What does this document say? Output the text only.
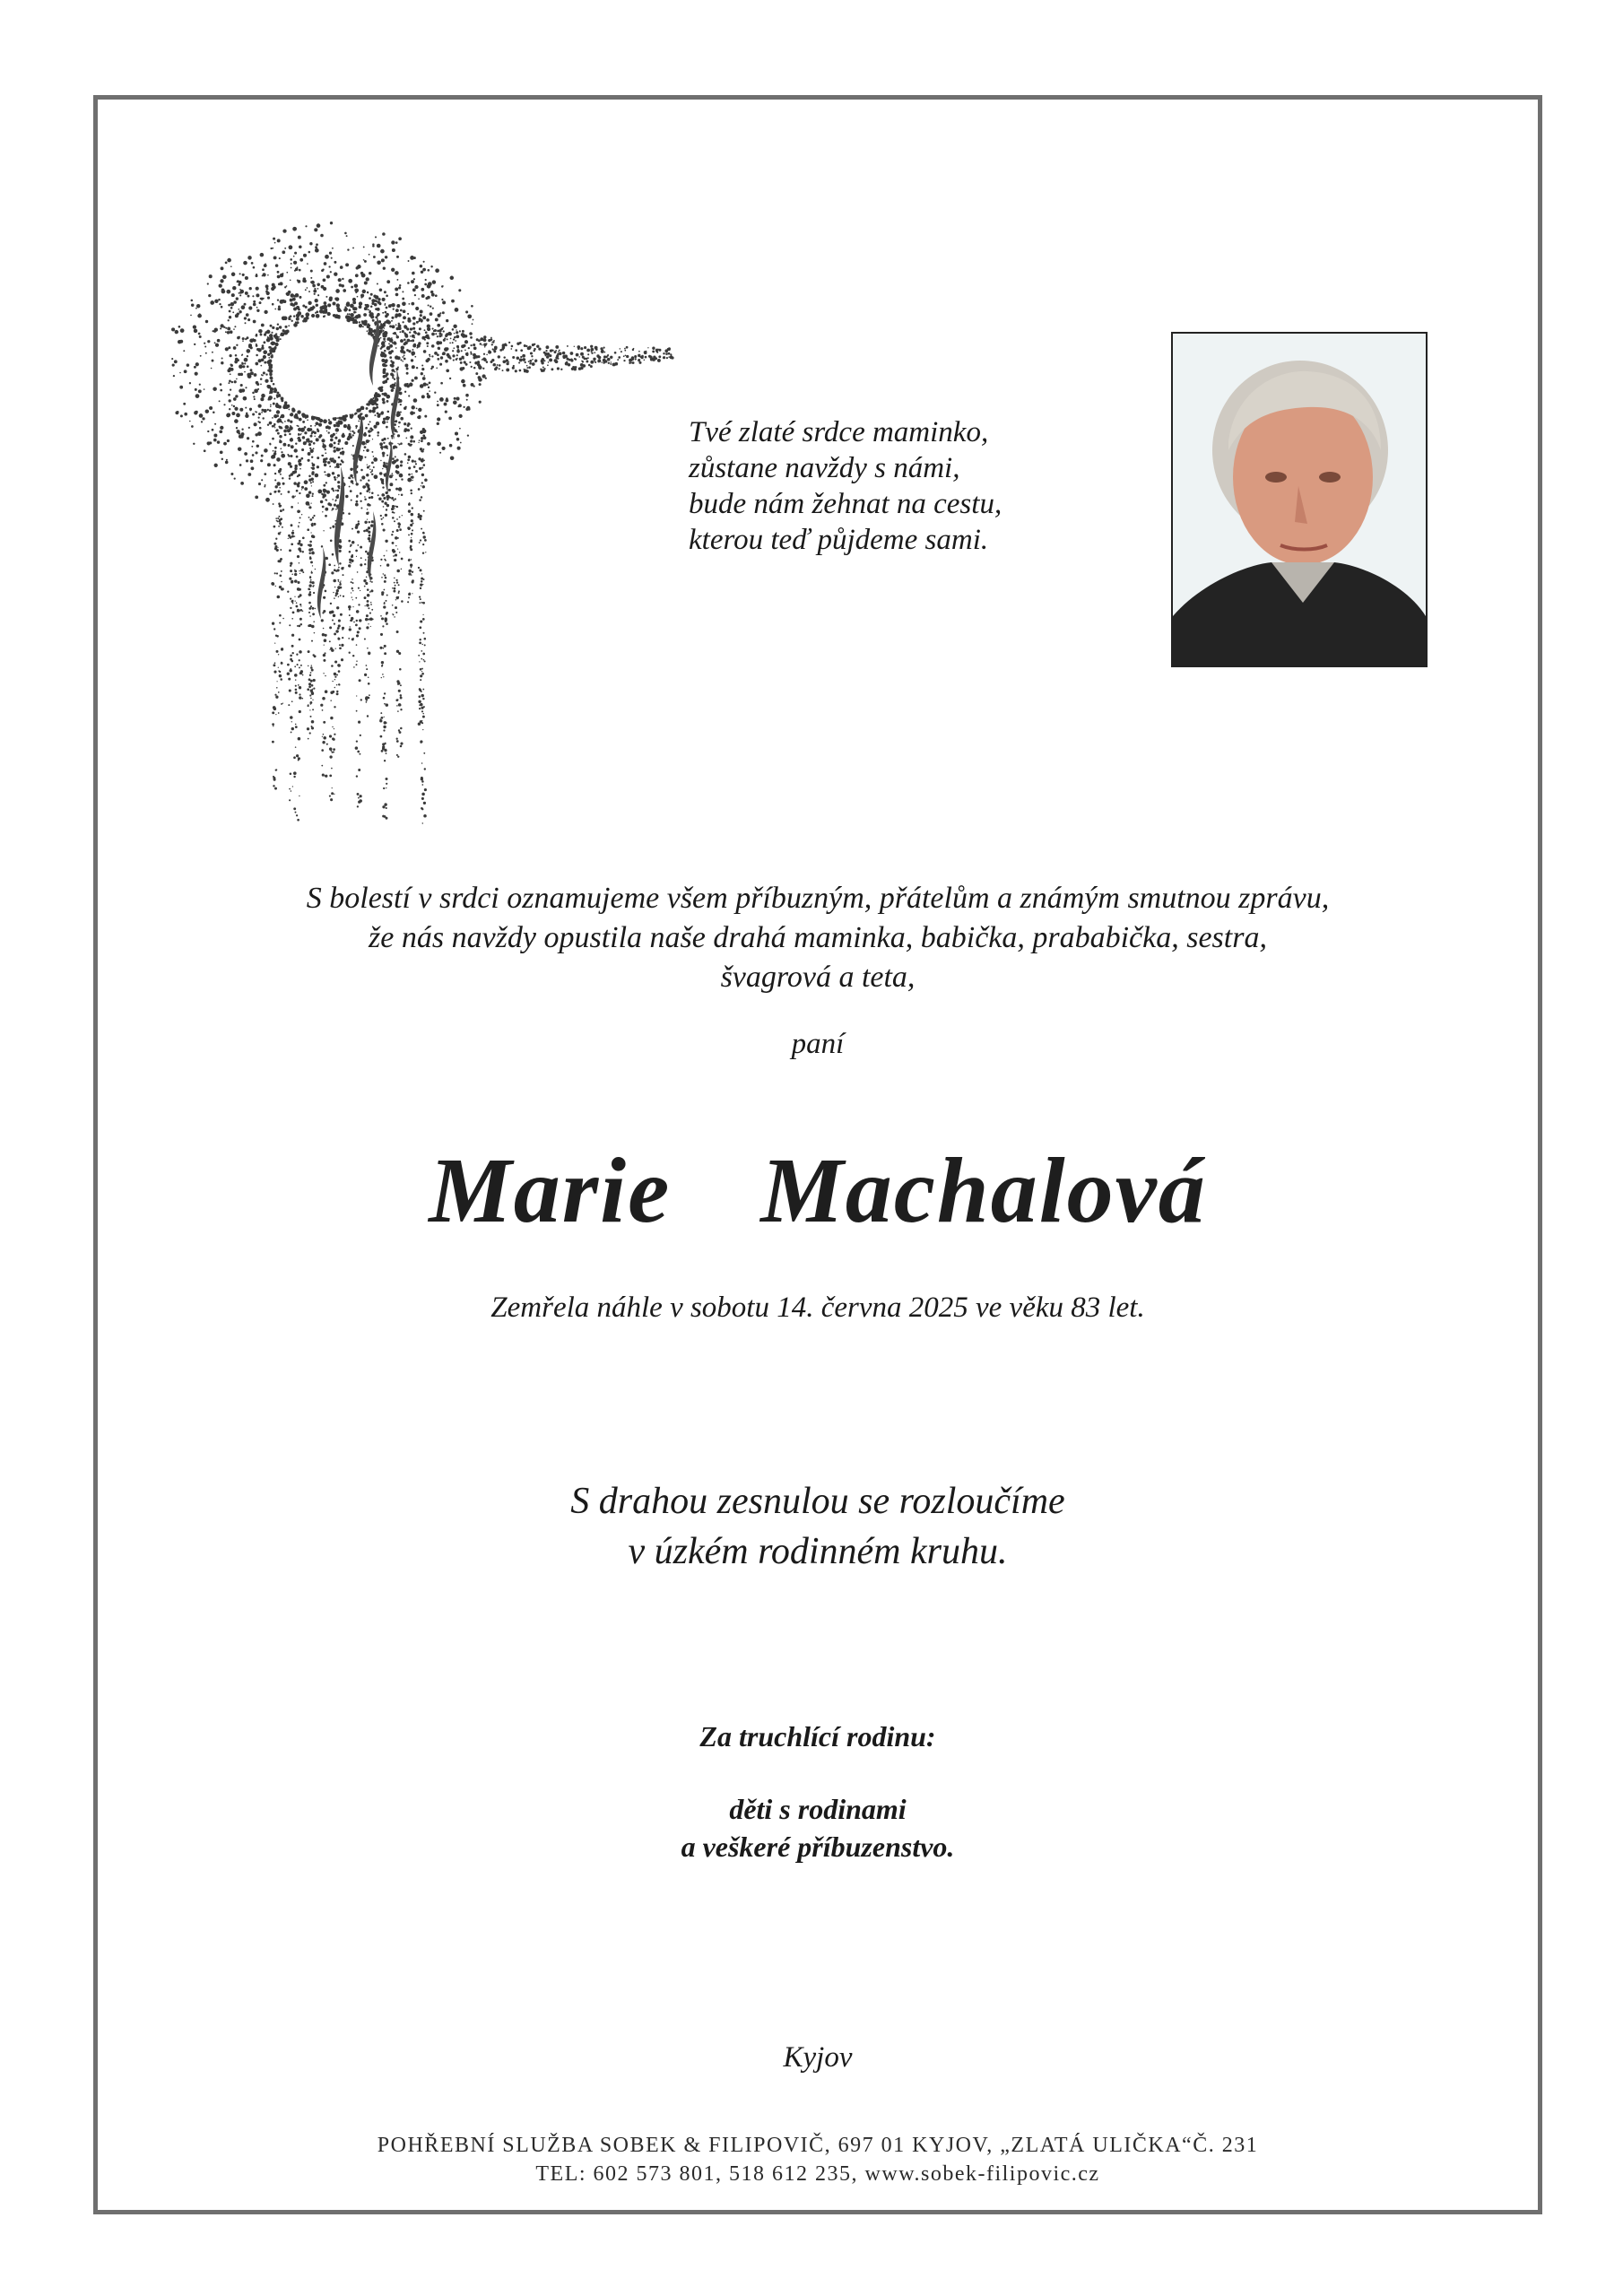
Tvé zlaté srdce maminko,
zůstane navždy s námi,
bude nám žehnat na cestu,
kterou teď půjdeme sami.
S bolestí v srdci oznamujeme všem příbuzným, přátelům a známým smutnou zprávu,
že nás navždy opustila naše drahá maminka, babička, prababička, sestra,
švagrová a teta,
paní
Marie  Machalová
Zemřela náhle v sobotu 14. června 2025 ve věku 83 let.
S drahou zesnulou se rozloučíme
v úzkém rodinném kruhu.
Za truchlící rodinu:
děti s rodinami
a veškeré příbuzenstvo.
Kyjov
POHŘEBNÍ SLUŽBA SOBEK & FILIPOVIČ, 697 01 KYJOV, „ZLATÁ ULIČKA“Č. 231
TEL: 602 573 801, 518 612 235, www.sobek-filipovic.cz
